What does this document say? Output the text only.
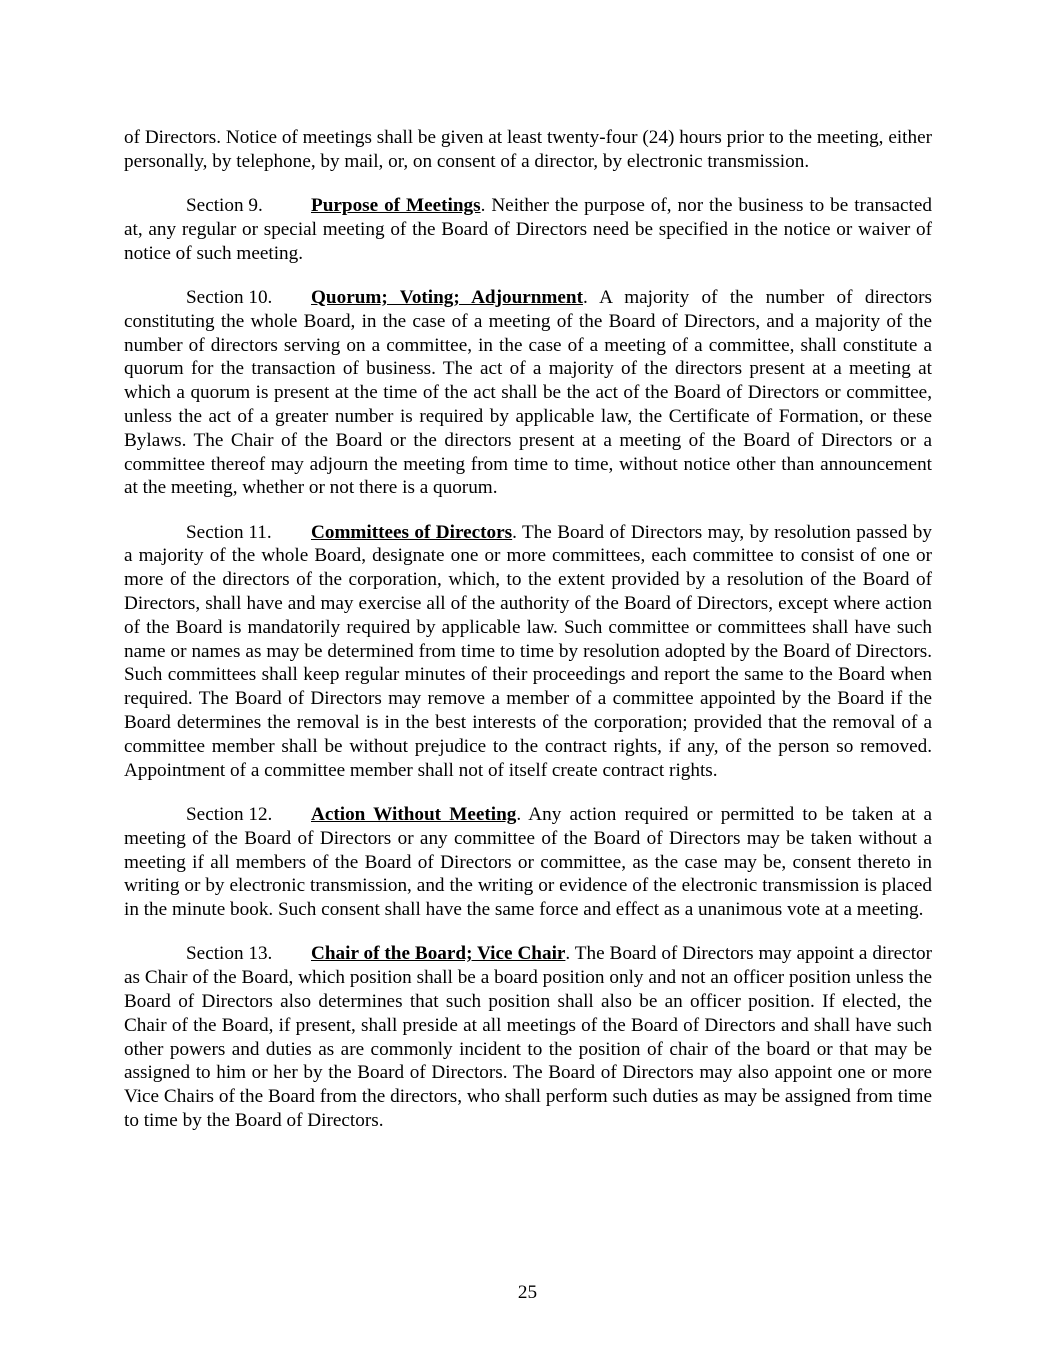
of Directors. Notice of meetings shall be given at least twenty-four (24) hours prior to the meeting, either personally, by telephone, by mail, or, on consent of a director, by electronic transmission.

Section 9.	Purpose of Meetings. Neither the purpose of, nor the business to be transacted at, any regular or special meeting of the Board of Directors need be specified in the notice or waiver of notice of such meeting.

Section 10. Quorum; Voting; Adjournment. A majority of the number of directors constituting the whole Board, in the case of a meeting of the Board of Directors, and a majority of the number of directors serving on a committee, in the case of a meeting of a committee, shall constitute a quorum for the transaction of business. The act of a majority of the directors present at a meeting at which a quorum is present at the time of the act shall be the act of the Board of Directors or committee, unless the act of a greater number is required by applicable law, the Certificate of Formation, or these Bylaws. The Chair of the Board or the directors present at a meeting of the Board of Directors or a committee thereof may adjourn the meeting from time to time, without notice other than announcement at the meeting, whether or not there is a quorum.

Section 11. Committees of Directors. The Board of Directors may, by resolution passed by a majority of the whole Board, designate one or more committees, each committee to consist of one or more of the directors of the corporation, which, to the extent provided by a resolution of the Board of Directors, shall have and may exercise all of the authority of the Board of Directors, except where action of the Board is mandatorily required by applicable law. Such committee or committees shall have such name or names as may be determined from time to time by resolution adopted by the Board of Directors. Such committees shall keep regular minutes of their proceedings and report the same to the Board when required. The Board of Directors may remove a member of a committee appointed by the Board if the Board determines the removal is in the best interests of the corporation; provided that the removal of a committee member shall be without prejudice to the contract rights, if any, of the person so removed. Appointment of a committee member shall not of itself create contract rights.

Section 12. Action Without Meeting. Any action required or permitted to be taken at a meeting of the Board of Directors or any committee of the Board of Directors may be taken without a meeting if all members of the Board of Directors or committee, as the case may be, consent thereto in writing or by electronic transmission, and the writing or evidence of the electronic transmission is placed in the minute book. Such consent shall have the same force and effect as a unanimous vote at a meeting.

Section 13. Chair of the Board; Vice Chair. The Board of Directors may appoint a director as Chair of the Board, which position shall be a board position only and not an officer position unless the Board of Directors also determines that such position shall also be an officer position. If elected, the Chair of the Board, if present, shall preside at all meetings of the Board of Directors and shall have such other powers and duties as are commonly incident to the position of chair of the board or that may be assigned to him or her by the Board of Directors. The Board of Directors may also appoint one or more Vice Chairs of the Board from the directors, who shall perform such duties as may be assigned from time to time by the Board of Directors.

25
